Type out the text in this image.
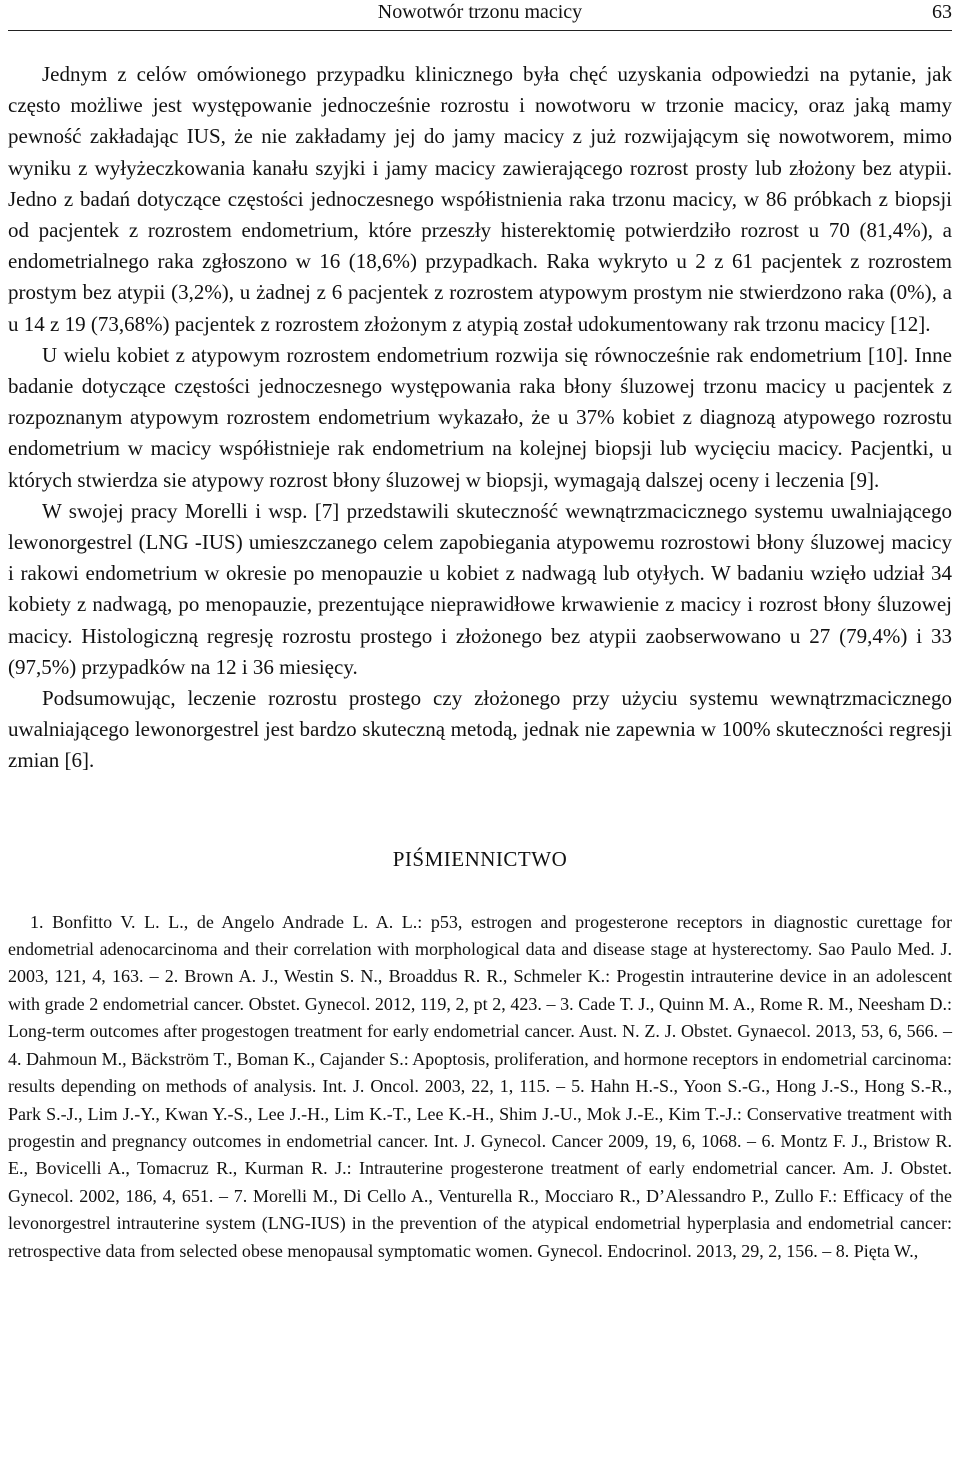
Nowotwór trzonu macicy	63

Jednym z celów omówionego przypadku klinicznego była chęć uzyskania odpowiedzi na pytanie, jak często możliwe jest występowanie jednocześnie rozrostu i nowotworu w trzonie macicy, oraz jaką mamy pewność zakładając IUS, że nie zakładamy jej do jamy macicy z już rozwijającym się nowotworem, mimo wyniku z wyłyżeczkowania kanału szyjki i jamy macicy zawierającego rozrost prosty lub złożony bez atypii. Jedno z badań dotyczące częstości jednoczesnego współistnienia raka trzonu macicy, w 86 próbkach z biopsji od pacjentek z rozrostem endometrium, które przeszły histerektomię potwierdziło rozrost u 70 (81,4%), a endometrialnego raka zgłoszono w 16 (18,6%) przypadkach. Raka wykryto u 2 z 61 pacjentek z rozrostem prostym bez atypii (3,2%), u żadnej z 6 pacjentek z rozrostem atypowym prostym nie stwierdzono raka (0%), a u 14 z 19 (73,68%) pacjentek z rozrostem złożonym z atypią został udokumentowany rak trzonu macicy [12].

U wielu kobiet z atypowym rozrostem endometrium rozwija się równocześnie rak endometrium [10]. Inne badanie dotyczące częstości jednoczesnego występowania raka błony śluzowej trzonu macicy u pacjentek z rozpoznanym atypowym rozrostem endometrium wykazało, że u 37% kobiet z diagnozą atypowego rozrostu endometrium w macicy współistnieje rak endometrium na kolejnej biopsji lub wycięciu macicy. Pacjentki, u których stwierdza sie atypowy rozrost błony śluzowej w biopsji, wymagają dalszej oceny i leczenia [9].

W swojej pracy Morelli i wsp. [7] przedstawili skuteczność wewnątrzmacicznego systemu uwalniającego lewonorgestrel (LNG -IUS) umieszczanego celem zapobiegania atypowemu rozrostowi błony śluzowej macicy i rakowi endometrium w okresie po menopauzie u kobiet z nadwagą lub otyłych. W badaniu wzięło udział 34 kobiety z nadwagą, po menopauzie, prezentujące nieprawidłowe krwawienie z macicy i rozrost błony śluzowej macicy. Histologiczną regresję rozrostu prostego i złożonego bez atypii zaobserwowano u 27 (79,4%) i 33 (97,5%) przypadków na 12 i 36 miesięcy.

Podsumowując, leczenie rozrostu prostego czy złożonego przy użyciu systemu wewnątrzmacicznego uwalniającego lewonorgestrel jest bardzo skuteczną metodą, jednak nie zapewnia w 100% skuteczności regresji zmian [6].

PIŚMIENNICTWO

1. Bonfitto V. L. L., de Angelo Andrade L. A. L.: p53, estrogen and progesterone receptors in diagnostic curettage for endometrial adenocarcinoma and their correlation with morphological data and disease stage at hysterectomy. Sao Paulo Med. J. 2003, 121, 4, 163. – 2. Brown A. J., Westin S. N., Broaddus R. R., Schmeler K.: Progestin intrauterine device in an adolescent with grade 2 endometrial cancer. Obstet. Gynecol. 2012, 119, 2, pt 2, 423. – 3. Cade T. J., Quinn M. A., Rome R. M., Neesham D.: Long-term outcomes after progestogen treatment for early endometrial cancer. Aust. N. Z. J. Obstet. Gynaecol. 2013, 53, 6, 566. – 4. Dahmoun M., Bäckström T., Boman K., Cajander S.: Apoptosis, proliferation, and hormone receptors in endometrial carcinoma: results depending on methods of analysis. Int. J. Oncol. 2003, 22, 1, 115. – 5. Hahn H.-S., Yoon S.-G., Hong J.-S., Hong S.-R., Park S.-J., Lim J.-Y., Kwan Y.-S., Lee J.-H., Lim K.-T., Lee K.-H., Shim J.-U., Mok J.-E., Kim T.-J.: Conservative treatment with progestin and pregnancy outcomes in endometrial cancer. Int. J. Gynecol. Cancer 2009, 19, 6, 1068. – 6. Montz F. J., Bristow R. E., Bovicelli A., Tomacruz R., Kurman R. J.: Intrauterine progesterone treatment of early endometrial cancer. Am. J. Obstet. Gynecol. 2002, 186, 4, 651. – 7. Morelli M., Di Cello A., Venturella R., Mocciaro R., D’Alessandro P., Zullo F.: Efficacy of the levonorgestrel intrauterine system (LNG-IUS) in the prevention of the atypical endometrial hyperplasia and endometrial cancer: retrospective data from selected obese menopausal symptomatic women. Gynecol. Endocrinol. 2013, 29, 2, 156. – 8. Pięta W.,
